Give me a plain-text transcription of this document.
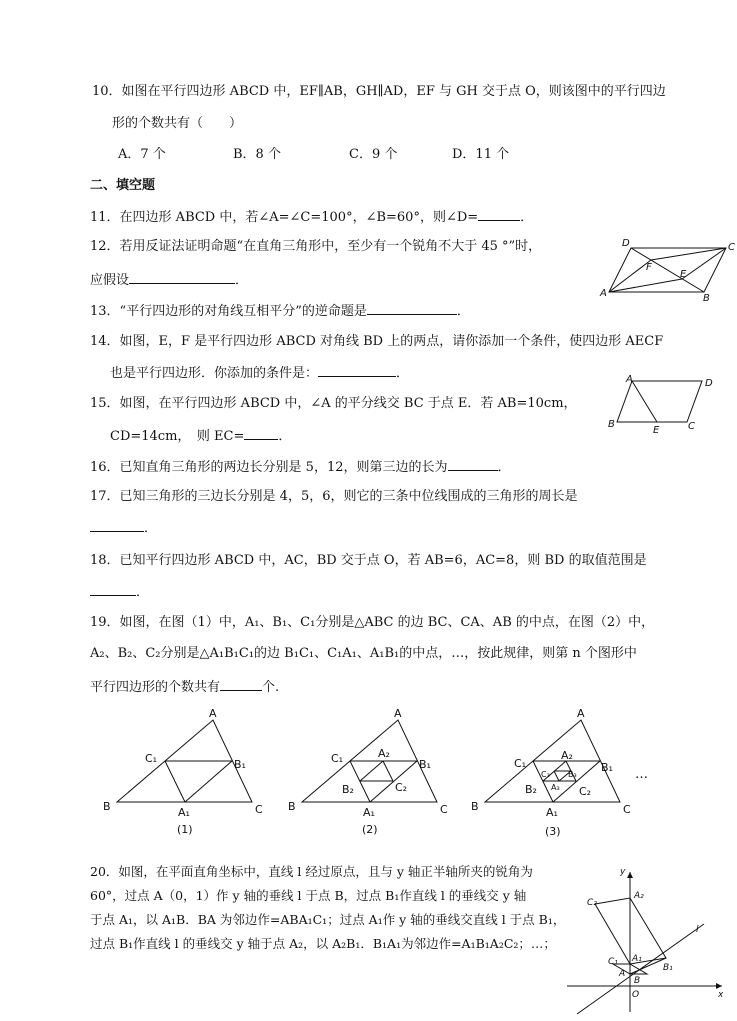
10．如图在平行四边形 ABCD 中，EF∥AB，GH∥AD，EF 与 GH 交于点 O，则该图中的平行四边
形的个数共有（　　）
A．7 个	B．8 个	C．9 个	D．11 个
二、填空题
11．在四边形 ABCD 中，若∠A=∠C=100°，∠B=60°，则∠D=	．
12．若用反证法证明命题“在直角三角形中，至少有一个锐角不大于 45 °”时，
应假设	．
13．“平行四边形的对角线互相平分”的逆命题是	．
14．如图，E，F 是平行四边形 ABCD 对角线 BD 上的两点，请你添加一个条件，使四边形 AECF
也是平行四边形．你添加的条件是：	．
15．如图，在平行四边形 ABCD 中，∠A 的平分线交 BC 于点 E．若 AB=10cm，
CD=14cm，　则 EC=	．
16．已知直角三角形的两边长分别是 5，12，则第三边的长为	．
17．已知三角形的三边长分别是 4，5，6，则它的三条中位线围成的三角形的周长是
．
18．已知平行四边形 ABCD 中，AC，BD 交于点 O，若 AB=6，AC=8，则 BD 的取值范围是
．
19．如图，在图（1）中，A₁、B₁、C₁分别是△ABC 的边 BC、CA、AB 的中点，在图（2）中，
A₂、B₂、C₂分别是△A₁B₁C₁的边 B₁C₁、C₁A₁、A₁B₁的中点，…，按此规律，则第 n 个图形中
平行四边形的个数共有	个.
20．如图，在平面直角坐标中，直线 l 经过原点，且与 y 轴正半轴所夹的锐角为
60°，过点 A（0，1）作 y 轴的垂线 l 于点 B，过点 B₁作直线 l 的垂线交 y 轴
于点 A₁，以 A₁B．BA 为邻边作=ABA₁C₁；过点 A₁作 y 轴的垂线交直线 l 于点 B₁，
过点 B₁作直线 l 的垂线交 y 轴于点 A₂，以 A₂B₁．B₁A₁为邻边作=A₁B₁A₂C₂；…；
D	C
F
E
A	B
A	D
B
E	C
A
B	C
C₁	B₁
A₁
(1)
A
B	C
C₁	B₁
A₁
A₂
B₂	C₂
(2)
A
B	C
C₁	B₁
A₁
A₂
B₂	C₂
A₃
C₃ B₃
(3)
…
y
C₂
A₂
l
A₁
C₁
A
B
B₁
O	x
